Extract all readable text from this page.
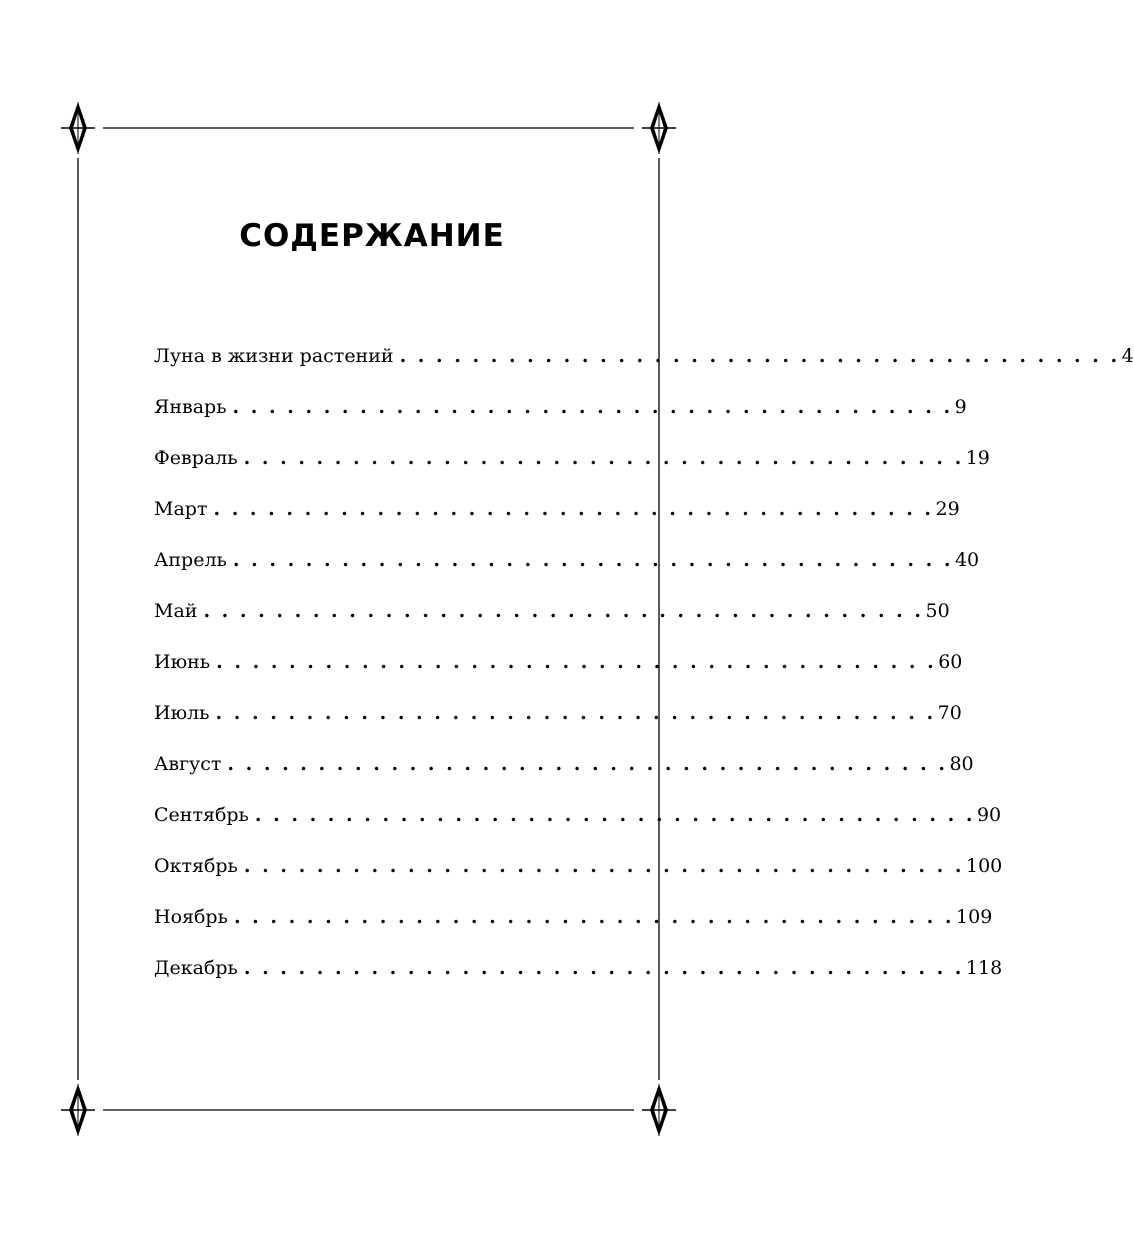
СОДЕРЖАНИЕ
Луна в жизни растений . . . . . . . . . . . . . . . . . . . . . . . . . . . . . . . . . . . . . . . . 4
Январь . . . . . . . . . . . . . . . . . . . . . . . . . . . . . . . . . . . . . . . . 9
Февраль . . . . . . . . . . . . . . . . . . . . . . . . . . . . . . . . . . . . . . . . 19
Март . . . . . . . . . . . . . . . . . . . . . . . . . . . . . . . . . . . . . . . . 29
Апрель . . . . . . . . . . . . . . . . . . . . . . . . . . . . . . . . . . . . . . . . 40
Май . . . . . . . . . . . . . . . . . . . . . . . . . . . . . . . . . . . . . . . . 50
Июнь . . . . . . . . . . . . . . . . . . . . . . . . . . . . . . . . . . . . . . . . 60
Июль . . . . . . . . . . . . . . . . . . . . . . . . . . . . . . . . . . . . . . . . 70
Август . . . . . . . . . . . . . . . . . . . . . . . . . . . . . . . . . . . . . . . . 80
Сентябрь . . . . . . . . . . . . . . . . . . . . . . . . . . . . . . . . . . . . . . . . 90
Октябрь . . . . . . . . . . . . . . . . . . . . . . . . . . . . . . . . . . . . . . . . 100
Ноябрь . . . . . . . . . . . . . . . . . . . . . . . . . . . . . . . . . . . . . . . . 109
Декабрь . . . . . . . . . . . . . . . . . . . . . . . . . . . . . . . . . . . . . . . . 118
